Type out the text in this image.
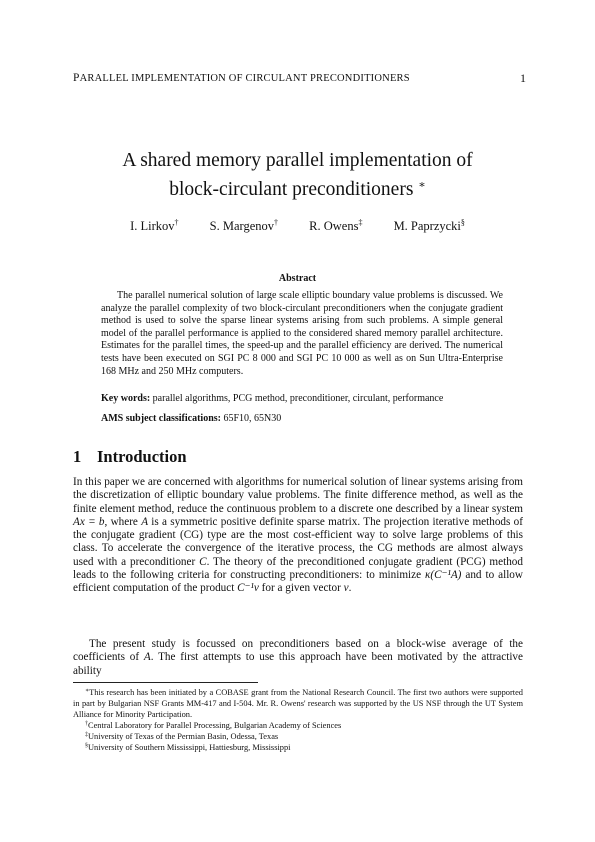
PARALLEL IMPLEMENTATION OF CIRCULANT PRECONDITIONERS	1
A shared memory parallel implementation of
block-circulant preconditioners ∗
I. Lirkov† S. Margenov† R. Owens‡ M. Paprzycki§
Abstract
The parallel numerical solution of large scale elliptic boundary value problems is discussed. We analyze the parallel complexity of two block-circulant preconditioners when the conjugate gradient method is used to solve the sparse linear systems arising from such problems. A simple general model of the parallel performance is applied to the considered shared memory parallel architecture. Estimates for the parallel times, the speed-up and the parallel efficiency are derived. The numerical tests have been executed on SGI PC 8 000 and SGI PC 10 000 as well as on Sun Ultra-Enterprise 168 MHz and 250 MHz computers.
Key words: parallel algorithms, PCG method, preconditioner, circulant, performance
AMS subject classifications: 65F10, 65N30
1 Introduction
In this paper we are concerned with algorithms for numerical solution of linear systems arising from the discretization of elliptic boundary value problems. The finite difference method, as well as the finite element method, reduce the continuous problem to a discrete one described by a linear system Ax = b, where A is a symmetric positive definite sparse matrix. The projection iterative methods of the conjugate gradient (CG) type are the most cost-efficient way to solve large problems of this class. To accelerate the convergence of the iterative process, the CG methods are almost always used with a preconditioner C. The theory of the preconditioned conjugate gradient (PCG) method leads to the following criteria for constructing preconditioners: to minimize κ(C⁻¹A) and to allow efficient computation of the product C⁻¹v for a given vector v.
The present study is focussed on preconditioners based on a block-wise average of the coefficients of A. The first attempts to use this approach have been motivated by the attractive ability
∗This research has been initiated by a COBASE grant from the National Research Council. The first two authors were supported in part by Bulgarian NSF Grants MM-417 and I-504. Mr. R. Owens' research was supported by the US NSF through the UT System Alliance for Minority Participation.
†Central Laboratory for Parallel Processing, Bulgarian Academy of Sciences
‡University of Texas of the Permian Basin, Odessa, Texas
§University of Southern Mississippi, Hattiesburg, Mississippi
